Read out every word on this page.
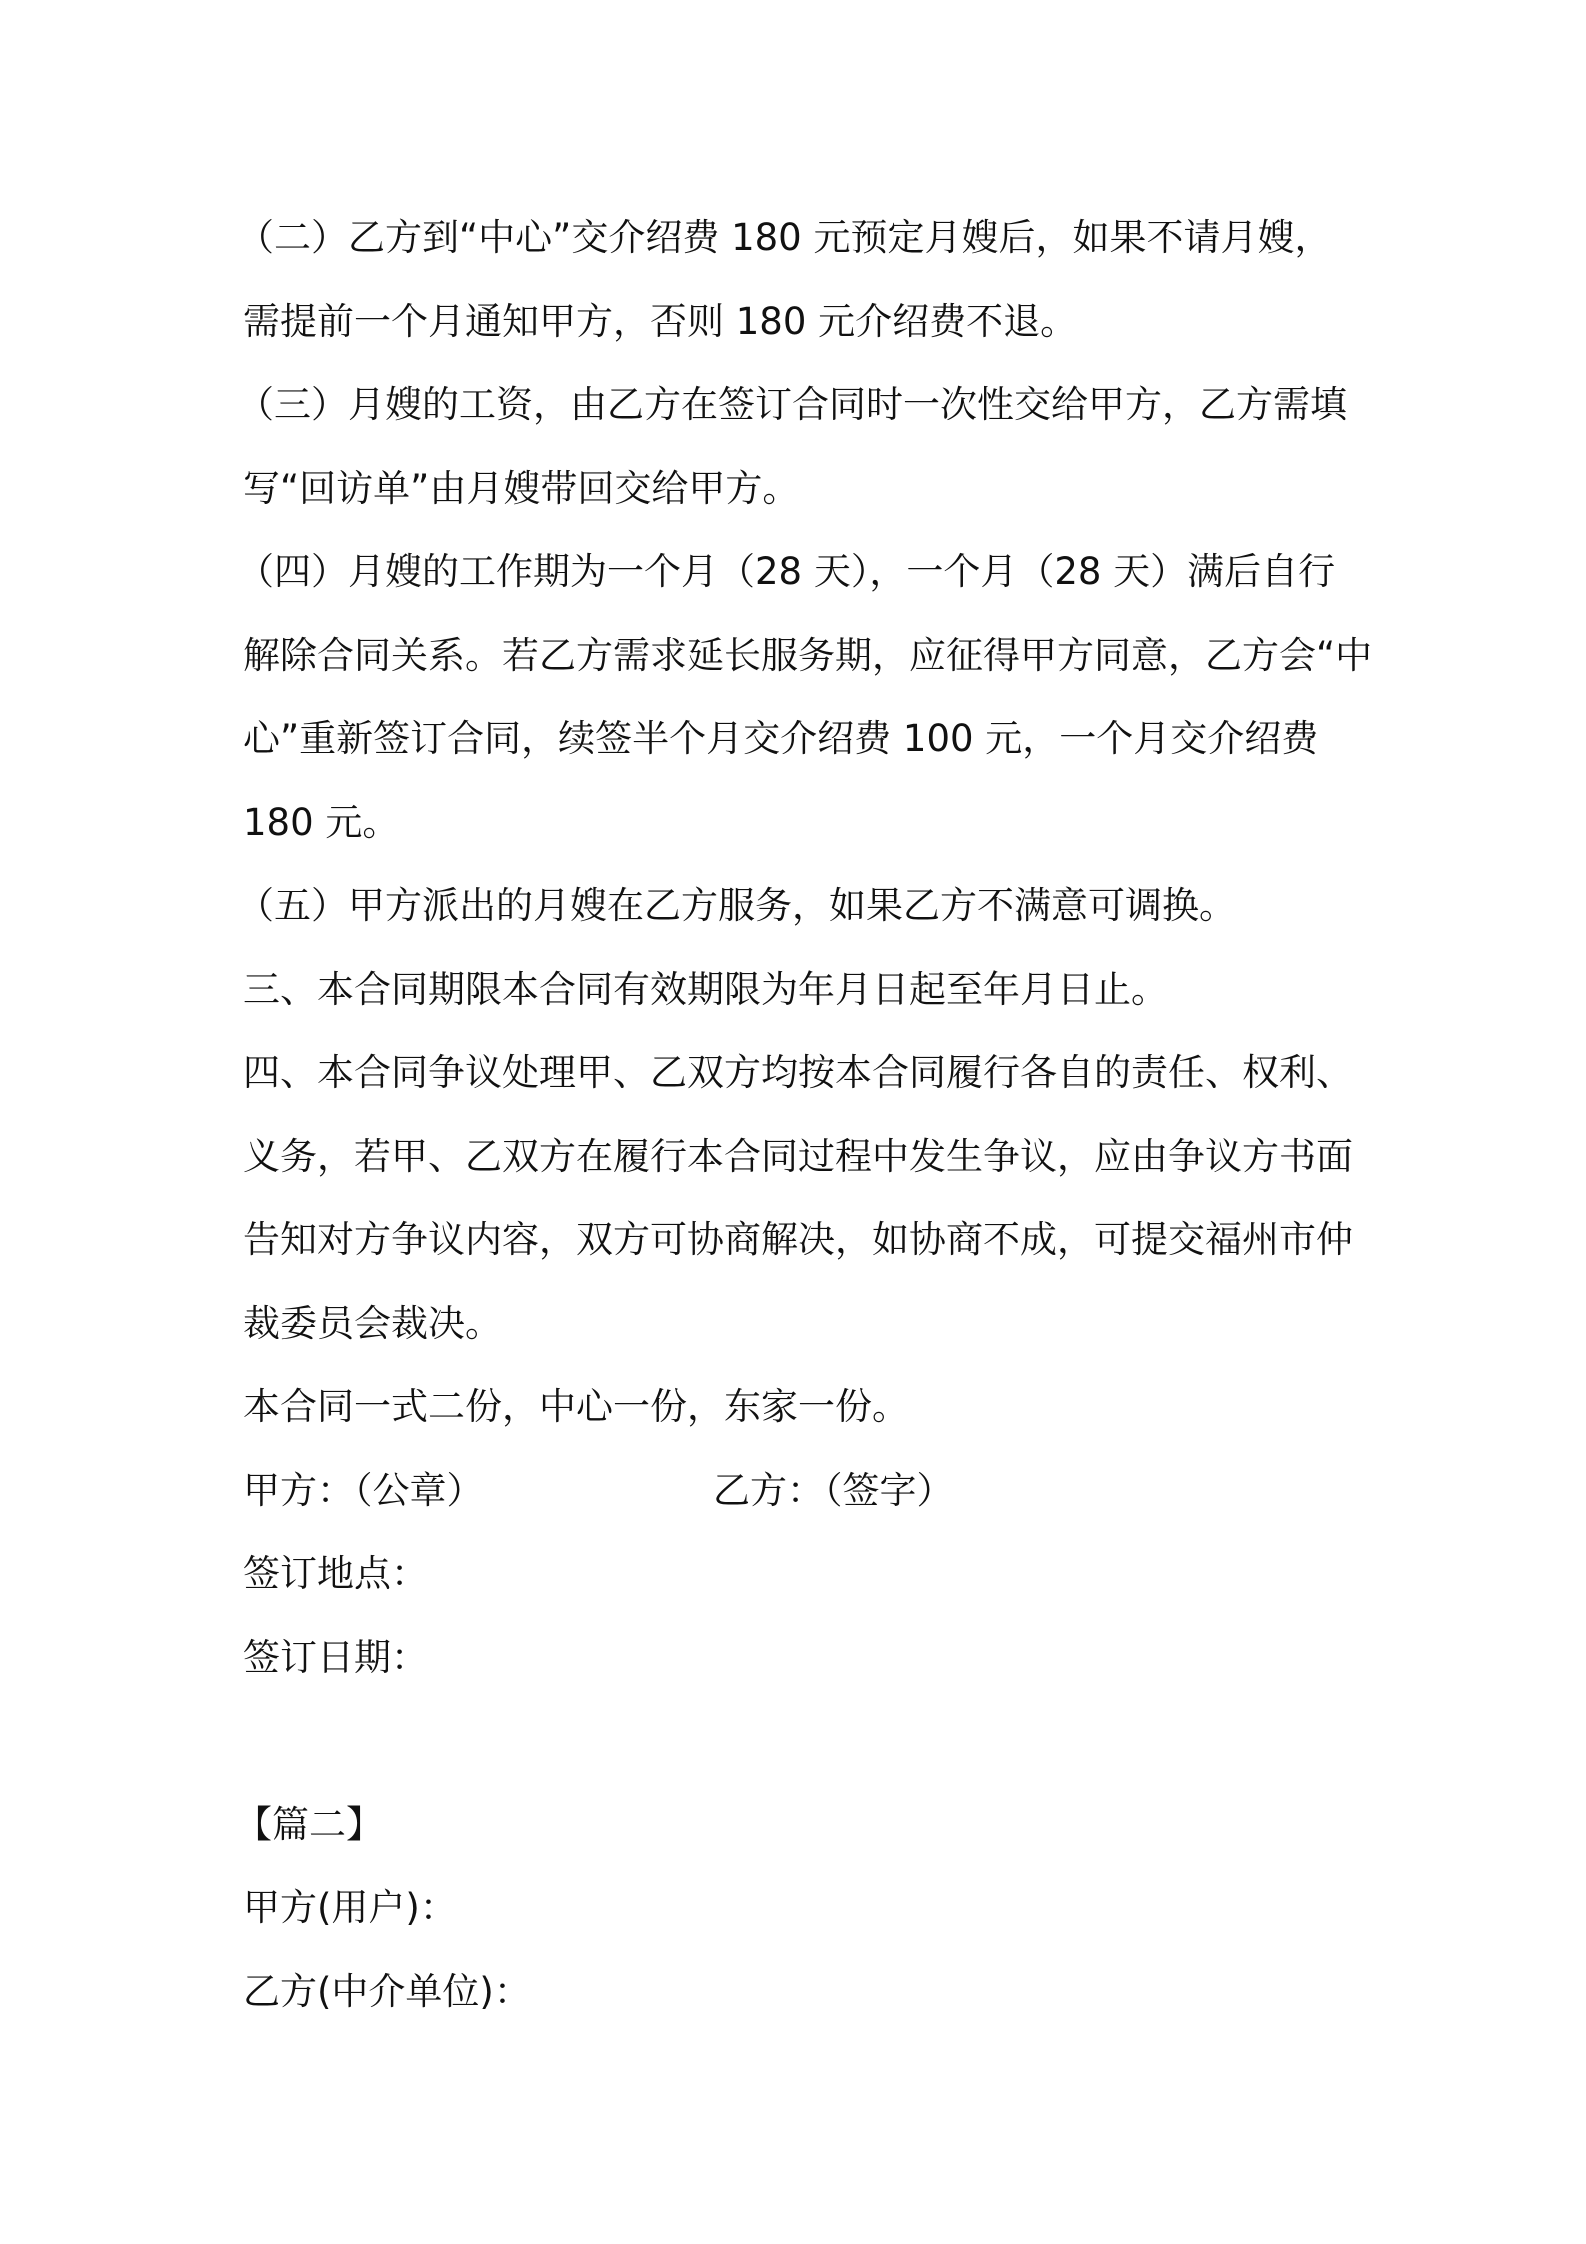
（二）乙方到“中心”交介绍费 180 元预定月嫂后，如果不请月嫂，

需提前一个月通知甲方，否则 180 元介绍费不退。

（三）月嫂的工资，由乙方在签订合同时一次性交给甲方，乙方需填

写“回访单”由月嫂带回交给甲方。

（四）月嫂的工作期为一个月（28 天），一个月（28 天）满后自行

解除合同关系。若乙方需求延长服务期，应征得甲方同意，乙方会“中

心”重新签订合同，续签半个月交介绍费 100 元，一个月交介绍费

180 元。

（五）甲方派出的月嫂在乙方服务，如果乙方不满意可调换。

三、本合同期限本合同有效期限为年月日起至年月日止。

四、本合同争议处理甲、乙双方均按本合同履行各自的责任、权利、

义务，若甲、乙双方在履行本合同过程中发生争议，应由争议方书面

告知对方争议内容，双方可协商解决，如协商不成，可提交福州市仲

裁委员会裁决。

本合同一式二份，中心一份，东家一份。

甲方：（公章）	乙方：（签字）

签订地点：

签订日期：

【篇二】

甲方(用户)：

乙方(中介单位)：
